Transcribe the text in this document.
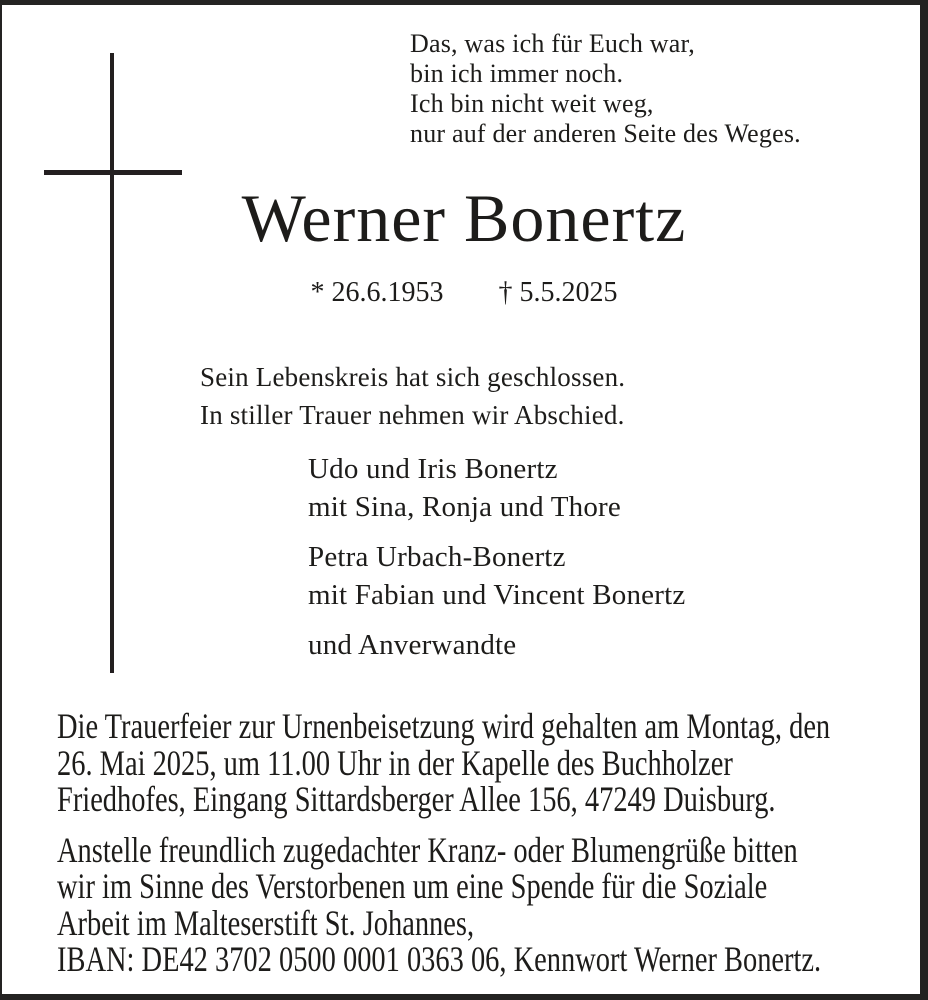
Das, was ich für Euch war,
bin ich immer noch.
Ich bin nicht weit weg,
nur auf der anderen Seite des Weges.
Werner Bonertz
* 26.6.1953 † 5.5.2025
Sein Lebenskreis hat sich geschlossen.
In stiller Trauer nehmen wir Abschied.
Udo und Iris Bonertz
mit Sina, Ronja und Thore
Petra Urbach-Bonertz
mit Fabian und Vincent Bonertz
und Anverwandte
Die Trauerfeier zur Urnenbeisetzung wird gehalten am Montag, den
26. Mai 2025, um 11.00 Uhr in der Kapelle des Buchholzer
Friedhofes, Eingang Sittardsberger Allee 156, 47249 Duisburg.
Anstelle freundlich zugedachter Kranz- oder Blumengrüße bitten
wir im Sinne des Verstorbenen um eine Spende für die Soziale
Arbeit im Malteserstift St. Johannes,
IBAN: DE42 3702 0500 0001 0363 06, Kennwort Werner Bonertz.
